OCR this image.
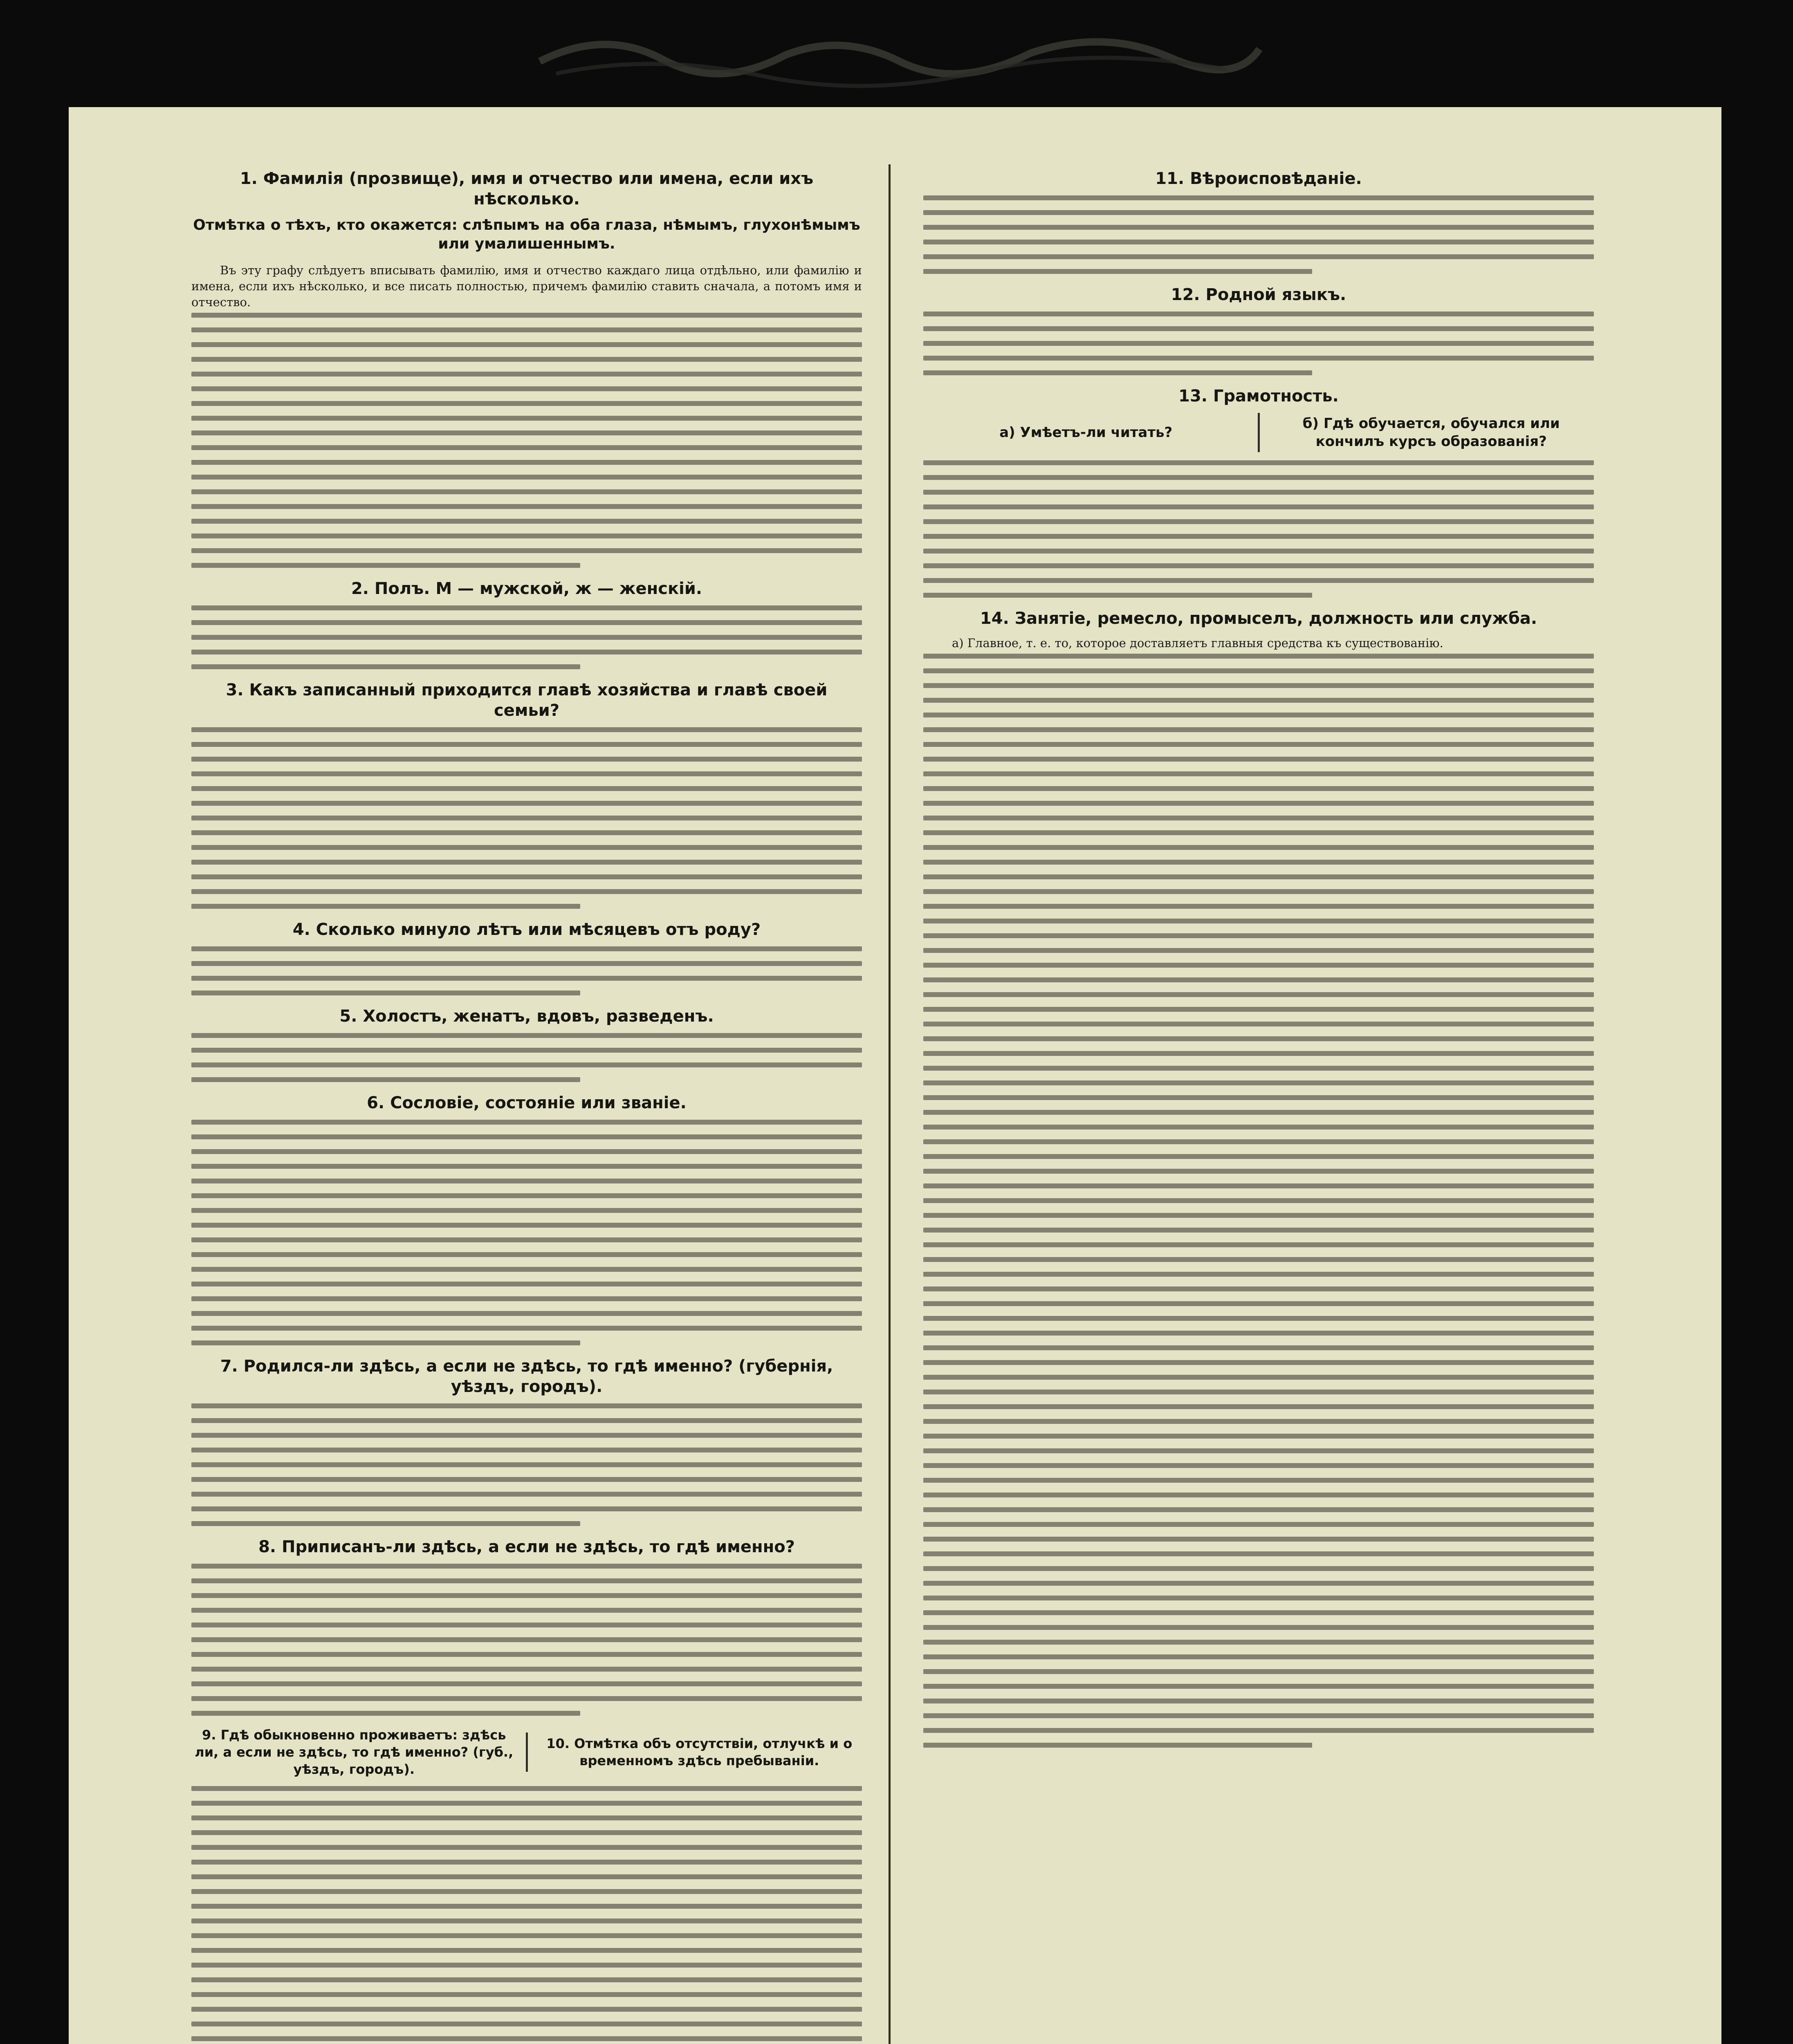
1. Фамилія (прозвище), имя и отчество или имена, если ихъ нѣсколько.
Отмѣтка о тѣхъ, кто окажется: слѣпымъ на оба глаза, нѣмымъ, глухонѣмымъ или умалишеннымъ.

Въ эту графу слѣдуетъ вписывать фамилію, имя и отчество каждаго лица отдѣльно, или фамилію и имена, если ихъ нѣсколько, и все писать полностью, причемъ фамилію ставить сначала, а потомъ имя и отчество.

2. Полъ. М — мужской, ж — женскій.
3. Какъ записанный приходится главѣ хозяйства и главѣ своей семьи?
4. Сколько минуло лѣтъ или мѣсяцевъ отъ роду?
5. Холостъ, женатъ, вдовъ, разведенъ.
6. Сословіе, состояніе или званіе.
7. Родился-ли здѣсь, а если не здѣсь, то гдѣ именно? (губернія, уѣздъ, городъ).
8. Приписанъ-ли здѣсь, а если не здѣсь, то гдѣ именно?
9. Гдѣ обыкновенно проживаетъ: здѣсь ли, а если не здѣсь, то гдѣ именно? (губ., уѣздъ, городъ).
10. Отмѣтка объ отсутствіи, отлучкѣ и о временномъ здѣсь пребываніи.
11. Вѣроисповѣданіе.
12. Родной языкъ.
13. Грамотность.
а) Умѣетъ-ли читать?
б) Гдѣ обучается, обучался или кончилъ курсъ образованія?
14. Занятіе, ремесло, промыселъ, должность или служба.

а) Главное, т. е. то, которое доставляетъ главныя средства къ существованію.
